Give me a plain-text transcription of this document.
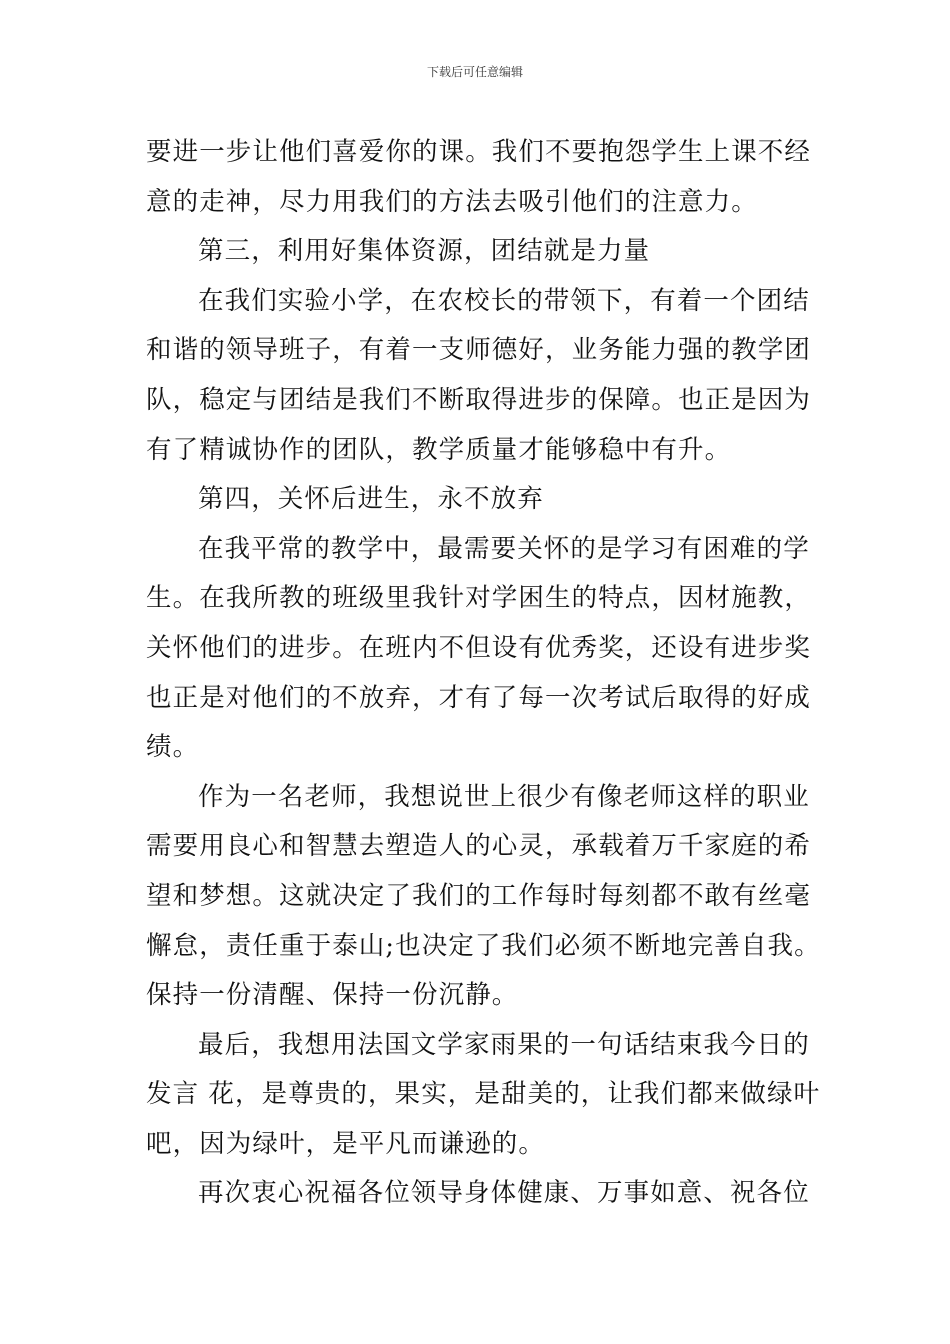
下载后可任意编辑
要进一步让他们喜爱你的课。我们不要抱怨学生上课不经
意的走神，尽力用我们的方法去吸引他们的注意力。
第三，利用好集体资源，团结就是力量
在我们实验小学，在农校长的带领下，有着一个团结
和谐的领导班子，有着一支师德好，业务能力强的教学团
队，稳定与团结是我们不断取得进步的保障。也正是因为
有了精诚协作的团队，教学质量才能够稳中有升。
第四，关怀后进生，永不放弃
在我平常的教学中，最需要关怀的是学习有困难的学
生。在我所教的班级里我针对学困生的特点，因材施教，
关怀他们的进步。在班内不但设有优秀奖，还设有进步奖
也正是对他们的不放弃，才有了每一次考试后取得的好成
绩。
作为一名老师，我想说世上很少有像老师这样的职业
需要用良心和智慧去塑造人的心灵，承载着万千家庭的希
望和梦想。这就决定了我们的工作每时每刻都不敢有丝毫
懈怠，责任重于泰山;也决定了我们必须不断地完善自我。
保持一份清醒、保持一份沉静。
最后，我想用法国文学家雨果的一句话结束我今日的
发言 花，是尊贵的，果实，是甜美的，让我们都来做绿叶
吧，因为绿叶，是平凡而谦逊的。
再次衷心祝福各位领导身体健康、万事如意、祝各位
